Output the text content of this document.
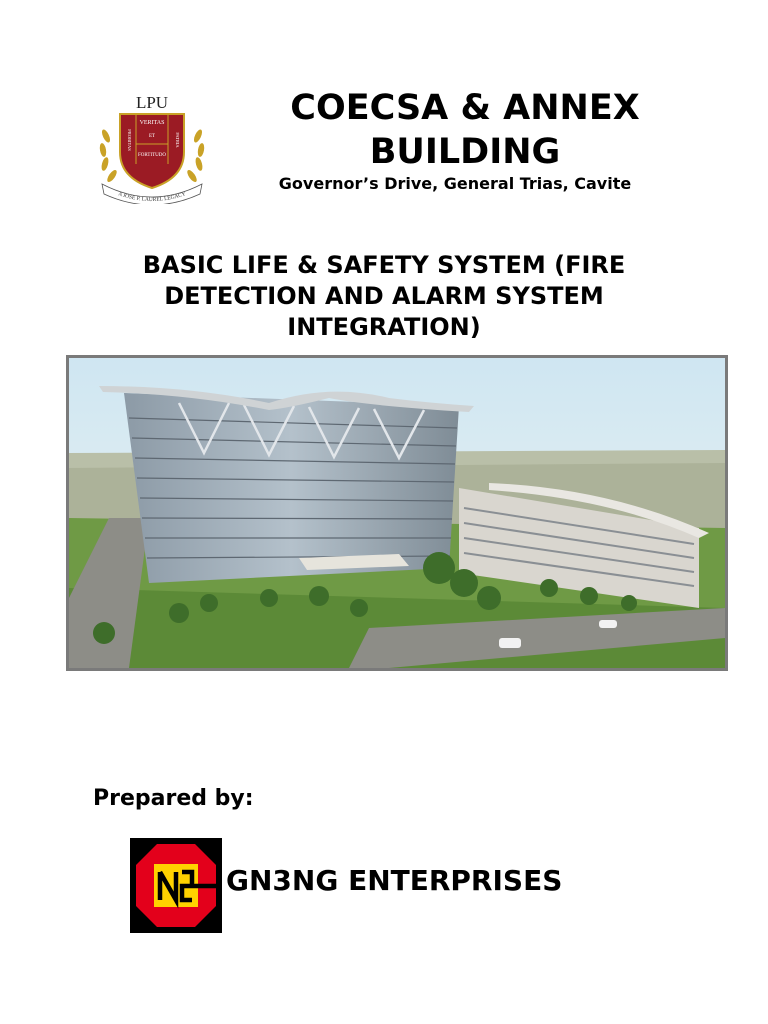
LPU
VERITAS
ET
PROBITAS
FORTITUDO
PATRIA
A JOSE P. LAUREL LEGACY
COECSA & ANNEX BUILDING

Governor’s Drive, General Trias, Cavite

BASIC LIFE & SAFETY SYSTEM (FIRE DETECTION AND ALARM SYSTEM INTEGRATION)

Prepared by:

GN3NG ENTERPRISES
